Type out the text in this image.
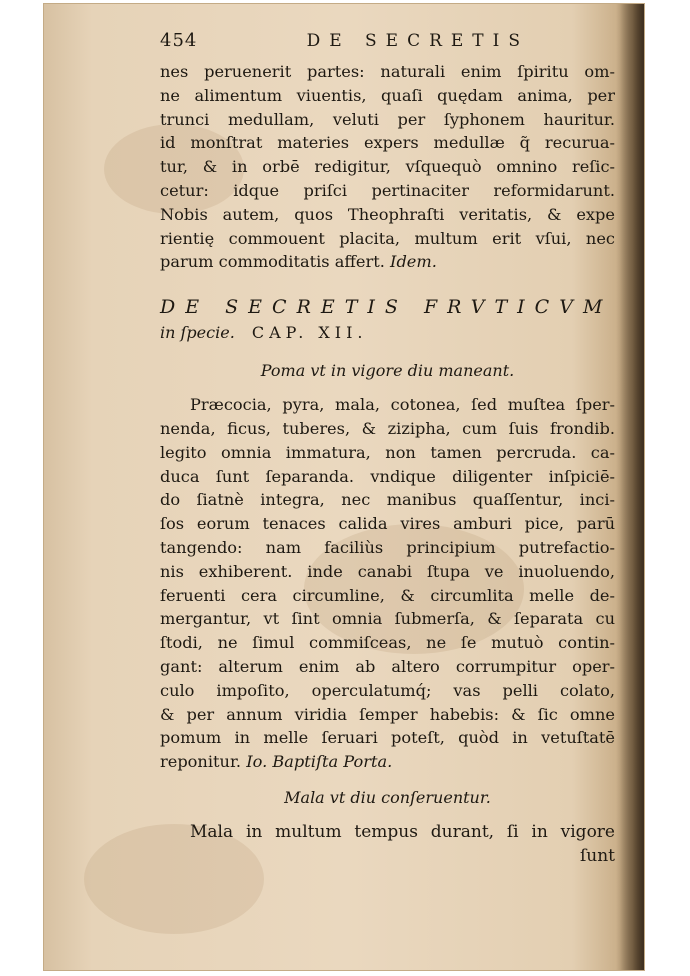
454	DE SECRETIS
nes peruenerit partes: naturali enim ſpiritu om-
ne alimentum viuentis, quaſi quędam anima, per
trunci medullam, veluti per ſyphonem hauritur.
id monſtrat materies expers medullæ q̃ recurua-
tur, & in orbē redigitur, vſquequò omnino reſic-
cetur: idque priſci pertinaciter reformidarunt.
Nobis autem, quos Theophraſti veritatis, & expe
rientię commouent placita, multum erit vſui, nec
parum commoditatis affert. Idem.
DE SECRETIS FRVTICVM
in ſpecie. CAP. XII.
Poma vt in vigore diu maneant.
Præcocia, pyra, mala, cotonea, ſed muſtea ſper-
nenda, ficus, tuberes, & zizipha, cum ſuis frondib.
legito omnia immatura, non tamen percruda. ca-
duca ſunt ſeparanda. vndique diligenter inſpiciē-
do ſiatnè integra, nec manibus quaſſentur, inci-
ſos eorum tenaces calida vires amburi pice, parū
tangendo: nam faciliùs principium putrefactio-
nis exhiberent. inde canabi ſtupa ve inuoluendo,
feruenti cera circumline, & circumlita melle de-
mergantur, vt ſint omnia ſubmerſa, & ſeparata cu
ſtodi, ne ſimul commiſceas, ne ſe mutuò contin-
gant: alterum enim ab altero corrumpitur oper-
culo impoſito, operculatumq́; vas pelli colato,
& per annum viridia ſemper habebis: & ſic omne
pomum in melle ſeruari poteſt, quòd in vetuſtatē
reponitur. Io. Baptiſta Porta.
Mala vt diu conſeruentur.
Mala in multum tempus durant, ſi in vigore
ſunt
